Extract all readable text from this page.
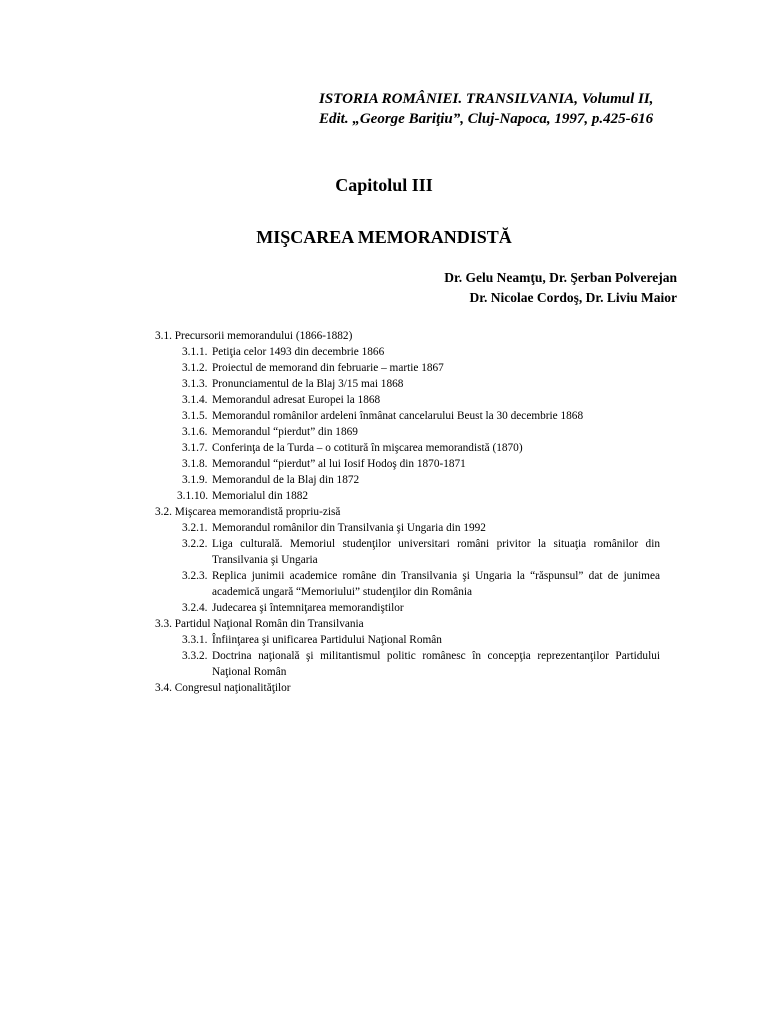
ISTORIA ROMÂNIEI. TRANSILVANIA, Volumul II,
Edit. „George Bariţiu”, Cluj-Napoca, 1997, p.425-616
Capitolul III
MIŞCAREA MEMORANDISTĂ
Dr. Gelu Neamţu, Dr. Şerban Polverejan
Dr. Nicolae Cordoş, Dr. Liviu Maior
3.1. Precursorii memorandului (1866-1882)
3.1.1. Petiţia celor 1493 din decembrie 1866
3.1.2. Proiectul de memorand din februarie – martie 1867
3.1.3. Pronunciamentul de la Blaj 3/15 mai 1868
3.1.4. Memorandul adresat Europei la 1868
3.1.5. Memorandul românilor ardeleni înmânat cancelarului Beust la 30 decembrie 1868
3.1.6. Memorandul “pierdut” din 1869
3.1.7. Conferinţa de la Turda – o cotitură în mişcarea memorandistă (1870)
3.1.8. Memorandul “pierdut” al lui Iosif Hodoş din 1870-1871
3.1.9. Memorandul de la Blaj din 1872
3.1.10. Memorialul din 1882
3.2. Mişcarea memorandistă propriu-zisă
3.2.1. Memorandul românilor din Transilvania şi Ungaria din 1992
3.2.2. Liga culturală. Memoriul studenţilor universitari români privitor la situaţia românilor din Transilvania şi Ungaria
3.2.3. Replica junimii academice române din Transilvania şi Ungaria la “răspunsul” dat de junimea academică ungară “Memoriului” studenţilor din România
3.2.4. Judecarea şi întemniţarea memorandiştilor
3.3. Partidul Naţional Român din Transilvania
3.3.1. Înfiinţarea şi unificarea Partidului Naţional Român
3.3.2. Doctrina naţională şi militantismul politic românesc în concepţia reprezentanţilor Partidului Naţional Român
3.4. Congresul naţionalităţilor
